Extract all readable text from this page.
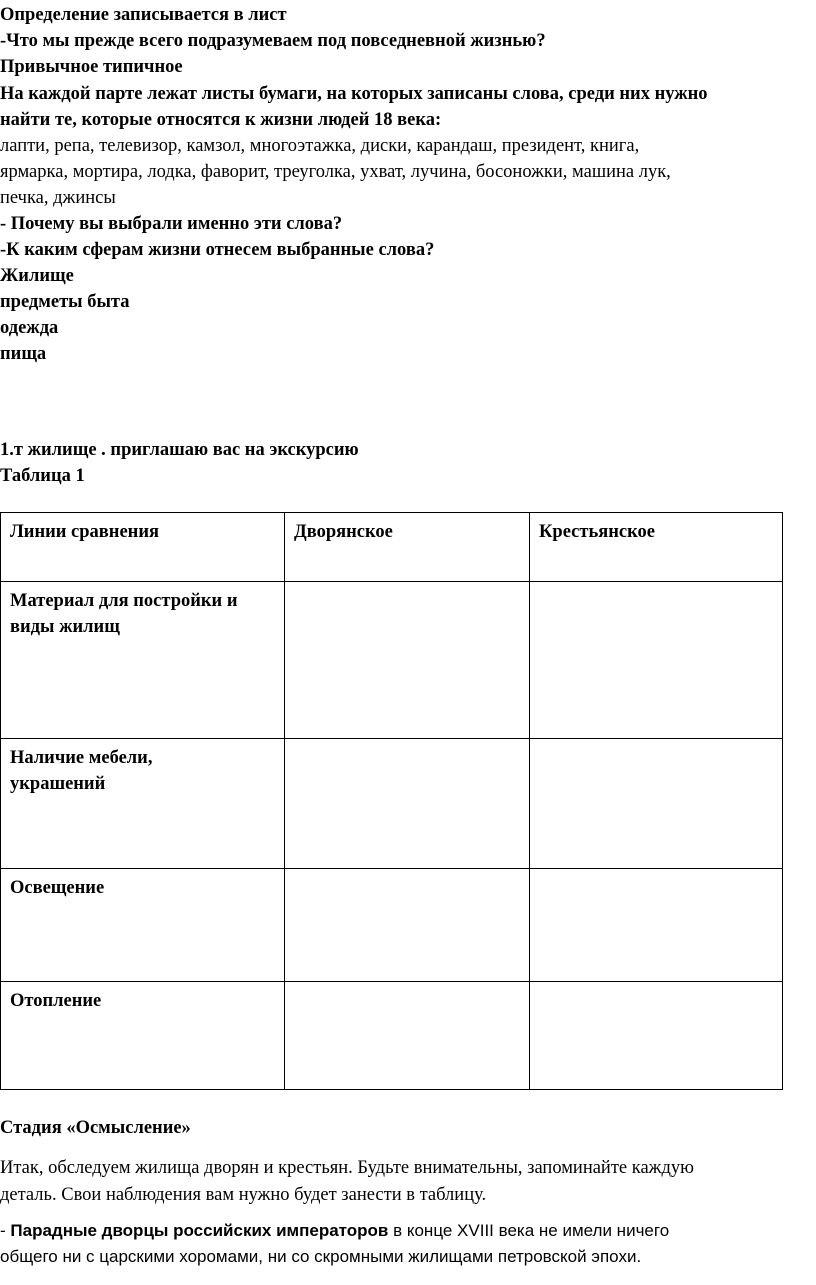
Определение записывается в лист
-Что мы прежде всего подразумеваем под повседневной жизнью?
Привычное типичное
На каждой парте лежат листы бумаги, на которых записаны слова, среди них нужно
найти те, которые относятся к жизни людей 18 века:
лапти, репа, телевизор, камзол, многоэтажка, диски, карандаш, президент, книга,
ярмарка, мортира, лодка, фаворит, треуголка, ухват, лучина, босоножки, машина лук,
печка, джинсы
- Почему вы выбрали именно эти слова?
-К каким сферам жизни отнесем выбранные слова?
Жилище
предметы быта
одежда
пища
1.т жилище . приглашаю вас на экскурсию
Таблица 1
Линии сравнения	Дворянское	Крестьянское
Материал для постройки и
виды жилищ		
Наличие мебели,
украшений		
Освещение		
Отопление		
Стадия «Осмысление»
Итак, обследуем жилища дворян и крестьян. Будьте внимательны, запоминайте каждую
деталь. Свои наблюдения вам нужно будет занести в таблицу.
- Парадные дворцы российских императоров в конце XVIII века не имели ничего
общего ни с царскими хоромами, ни со скромными жилищами петровской эпохи.
